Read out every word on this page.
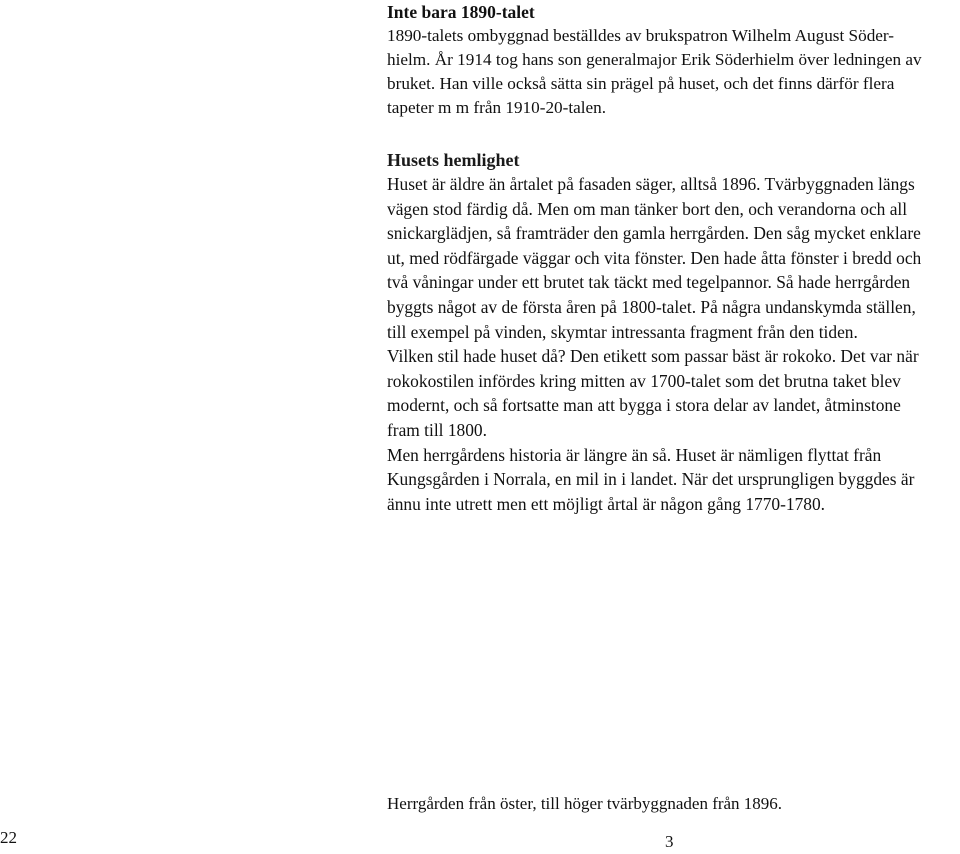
Inte bara 1890-talet
1890-talets ombyggnad beställdes av brukspatron Wilhelm August Söder-
hielm. År 1914 tog hans son generalmajor Erik Söderhielm över ledningen av
bruket. Han ville också sätta sin prägel på huset, och det finns därför flera
tapeter m m från 1910-20-talen.
Husets hemlighet
Huset är äldre än årtalet på fasaden säger, alltså 1896. Tvärbyggnaden längs
vägen stod färdig då. Men om man tänker bort den, och verandorna och all
snickarglädjen, så framträder den gamla herrgården. Den såg mycket enklare
ut, med rödfärgade väggar och vita fönster. Den hade åtta fönster i bredd och
två våningar under ett brutet tak täckt med tegelpannor. Så hade herrgården
byggts något av de första åren på 1800-talet. På några undanskymda ställen,
till exempel på vinden, skymtar intressanta fragment från den tiden.
Vilken stil hade huset då? Den etikett som passar bäst är rokoko. Det var när
rokokostilen infördes kring mitten av 1700-talet som det brutna taket blev
modernt, och så fortsatte man att bygga i stora delar av landet, åtminstone
fram till 1800.
Men herrgårdens historia är längre än så. Huset är nämligen flyttat från
Kungsgården i Norrala, en mil in i landet. När det ursprungligen byggdes är
ännu inte utrett men ett möjligt årtal är någon gång 1770-1780.
Herrgården från öster, till höger tvärbyggnaden från 1896.
22	3
